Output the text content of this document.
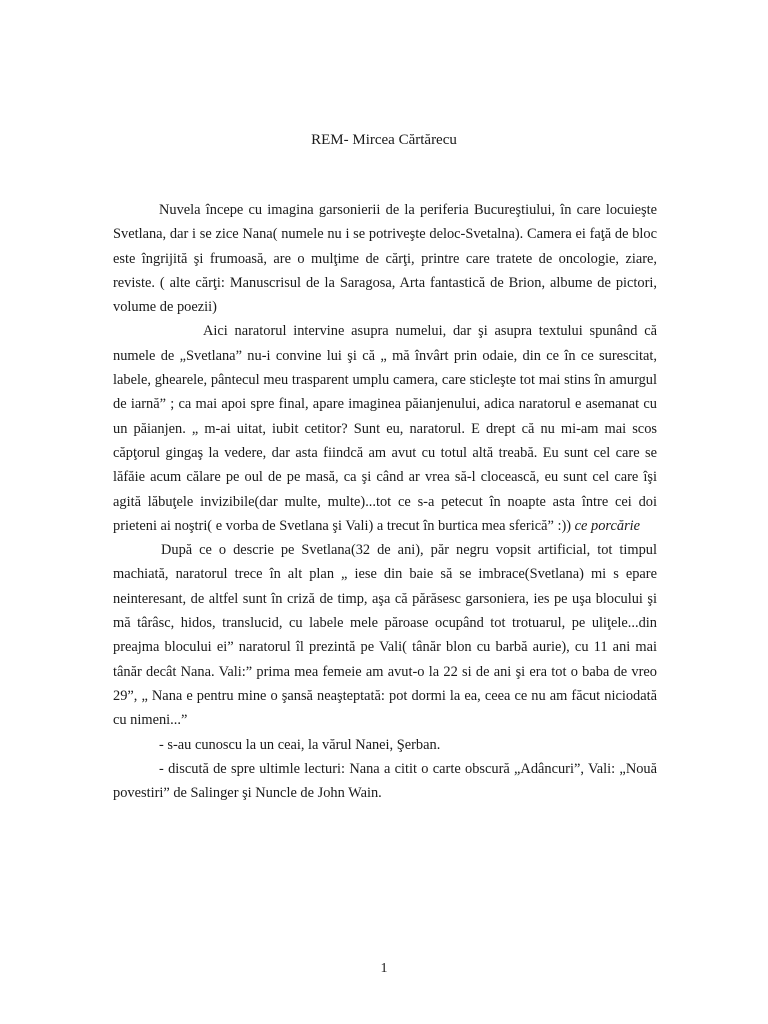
REM- Mircea Cărtărecu

Nuvela începe cu imagina garsonierii de la periferia Bucureştiului, în care locuieşte Svetlana, dar i se zice Nana( numele nu i se potriveşte deloc-Svetalna). Camera ei faţă de bloc este îngrijită şi frumoasă, are o mulţime de cărţi, printre care tratete de oncologie, ziare, reviste. ( alte cărţi: Manuscrisul de la Saragosa, Arta fantastică de Brion, albume de pictori, volume de poezii)

Aici naratorul intervine asupra numelui, dar şi asupra textului spunând că numele de „Svetlana” nu-i convine lui şi că „ mă învârt prin odaie, din ce în ce surescitat, labele, ghearele, pântecul meu trasparent umplu camera, care sticleşte tot mai stins în amurgul de iarnă” ; ca mai apoi spre final, apare imaginea păianjenului, adica naratorul e asemanat cu un păianjen. „ m-ai uitat, iubit cetitor? Sunt eu, naratorul. E drept că nu mi-am mai scos căpţorul gingaş la vedere, dar asta fiindcă am avut cu totul altă treabă. Eu sunt cel care se lăfăie acum călare pe oul de pe masă, ca şi când ar vrea să-l clocească, eu sunt cel care îşi agită lăbuţele invizibile(dar multe, multe)...tot ce s-a petecut în noapte asta între cei doi prieteni ai noştri( e vorba de Svetlana şi Vali) a trecut în burtica mea sferică” :)) ce porcărie

După ce o descrie pe Svetlana(32 de ani), păr negru vopsit artificial, tot timpul machiată, naratorul trece în alt plan „ iese din baie să se imbrace(Svetlana) mi s epare neinteresant, de altfel sunt în criză de timp, aşa că părăsesc garsoniera, ies pe uşa blocului şi mă târâsc, hidos, translucid, cu labele mele păroase ocupând tot trotuarul, pe uliţele...din preajma blocului ei” naratorul îl prezintă pe Vali( tânăr blon cu barbă aurie), cu 11 ani mai tânăr decât Nana. Vali:” prima mea femeie am avut-o la 22 si de ani şi era tot o baba de vreo 29”, „ Nana e pentru mine o şansă neaşteptată: pot dormi la ea, ceea ce nu am făcut niciodată cu nimeni...”

- s-au cunoscu la un ceai, la vărul Nanei, Şerban.

- discută de spre ultimle lecturi: Nana a citit o carte obscură „Adâncuri”, Vali: „Nouă povestiri” de Salinger şi Nuncle de John Wain.

1
